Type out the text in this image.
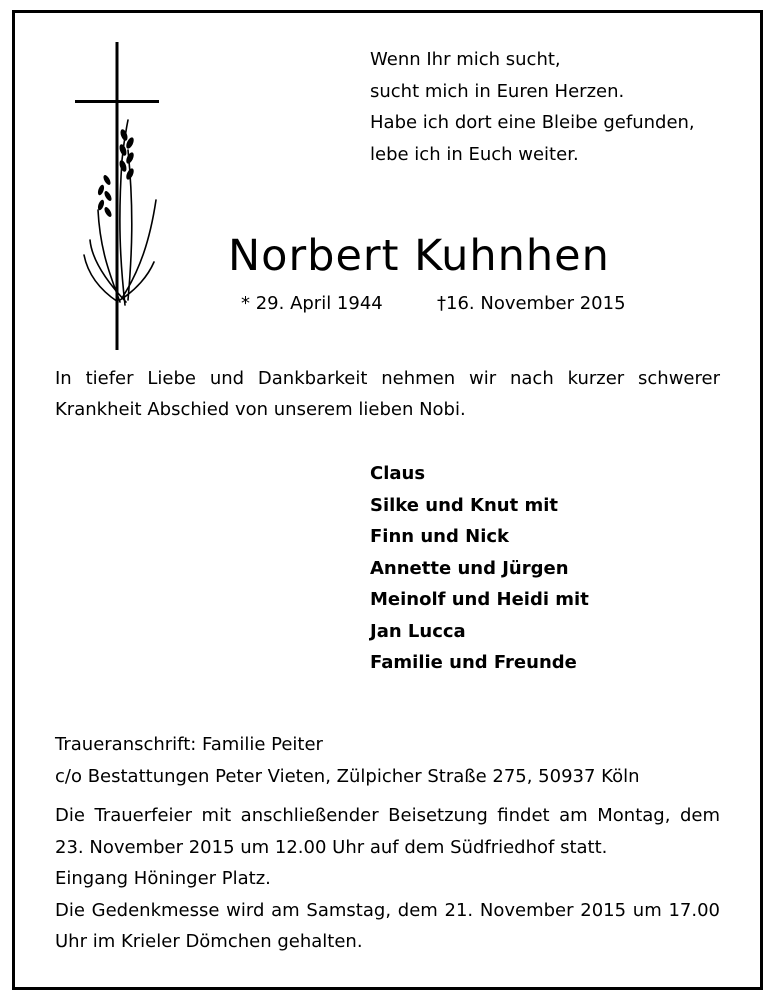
Wenn Ihr mich sucht,
sucht mich in Euren Herzen.
Habe ich dort eine Bleibe gefunden,
lebe ich in Euch weiter.
Norbert Kuhnhen
* 29. April 1944	†16. November 2015
In tiefer Liebe und Dankbarkeit nehmen wir nach kurzer schwerer Krankheit Abschied von unserem lieben Nobi.
Claus
Silke und Knut mit
Finn und Nick
Annette und Jürgen
Meinolf und Heidi mit
Jan Lucca
Familie und Freunde
Traueranschrift: Familie Peiter
c/o Bestattungen Peter Vieten, Zülpicher Straße 275, 50937 Köln

Die Trauerfeier mit anschließender Beisetzung findet am Montag, dem 23. November 2015 um 12.00 Uhr auf dem Südfriedhof statt.

Eingang Höninger Platz.

Die Gedenkmesse wird am Samstag, dem 21. November 2015 um 17.00 Uhr im Krieler Dömchen gehalten.
